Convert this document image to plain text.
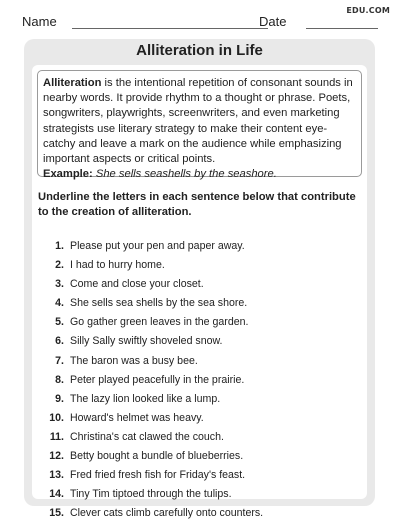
EDU.COM
Name	Date
Alliteration in Life
Alliteration is the intentional repetition of consonant sounds in nearby words. It provide rhythm to a thought or phrase. Poets, songwriters, playwrights, screenwriters, and even marketing strategists use literary strategy to make their content eye-catchy and leave a mark on the audience while emphasizing important aspects or critical points.
Example: She sells seashells by the seashore.
Underline the letters in each sentence below that contribute to the creation of alliteration.
1. Please put your pen and paper away.
2. I had to hurry home.
3. Come and close your closet.
4. She sells sea shells by the sea shore.
5. Go gather green leaves in the garden.
6. Silly Sally swiftly shoveled snow.
7. The baron was a busy bee.
8. Peter played peacefully in the prairie.
9. The lazy lion looked like a lump.
10. Howard's helmet was heavy.
11. Christina's cat clawed the couch.
12. Betty bought a bundle of blueberries.
13. Fred fried fresh fish for Friday's feast.
14. Tiny Tim tiptoed through the tulips.
15. Clever cats climb carefully onto counters.
